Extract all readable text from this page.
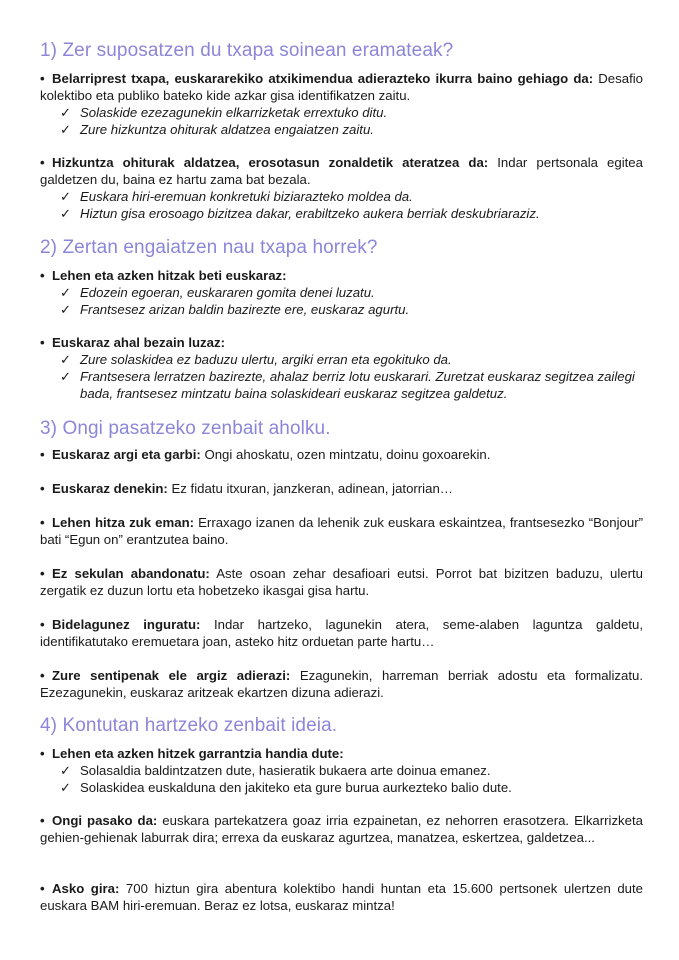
1) Zer suposatzen du txapa soinean eramateak?
• Belarriprest txapa, euskararekiko atxikimendua adierazteko ikurra baino gehiago da: Desafio kolektibo eta publiko bateko kide azkar gisa identifikatzen zaitu.
✓ Solaskide ezezagunekin elkarrizketak errextuko ditu.
✓ Zure hizkuntza ohiturak aldatzea engaiatzen zaitu.
• Hizkuntza ohiturak aldatzea, erosotasun zonaldetik ateratzea da: Indar pertsonala egitea galdetzen du, baina ez hartu zama bat bezala.
✓ Euskara hiri-eremuan konkretuki biziarazteko moldea da.
✓ Hiztun gisa erosoago bizitzea dakar, erabiltzeko aukera berriak deskubriaraziz.
2) Zertan engaiatzen nau txapa horrek?
• Lehen eta azken hitzak beti euskaraz:
✓ Edozein egoeran, euskararen gomita denei luzatu.
✓ Frantsesez arizan baldin bazirezte ere, euskaraz agurtu.
• Euskaraz ahal bezain luzaz:
✓ Zure solaskidea ez baduzu ulertu, argiki erran eta egokituko da.
✓ Frantsesera lerratzen bazirezte, ahalaz berriz lotu euskarari. Zuretzat euskaraz segitzea zailegi bada, frantsesez mintzatu baina solaskideari euskaraz segitzea galdetuz.
3) Ongi pasatzeko zenbait aholku.
• Euskaraz argi eta garbi: Ongi ahoskatu, ozen mintzatu, doinu goxoarekin.
• Euskaraz denekin: Ez fidatu itxuran, janzkeran, adinean, jatorrian…
• Lehen hitza zuk eman: Erraxago izanen da lehenik zuk euskara eskaintzea, frantsesezko “Bonjour” bati “Egun on” erantzutea baino.
• Ez sekulan abandonatu: Aste osoan zehar desafioari eutsi. Porrot bat bizitzen baduzu, ulertu zergatik ez duzun lortu eta hobetzeko ikasgai gisa hartu.
• Bidelagunez inguratu: Indar hartzeko, lagunekin atera, seme-alaben laguntza galdetu, identifikatutako eremuetara joan, asteko hitz orduetan parte hartu…
• Zure sentipenak ele argiz adierazi: Ezagunekin, harreman berriak adostu eta formalizatu. Ezezagunekin, euskaraz aritzeak ekartzen dizuna adierazi.
4) Kontutan hartzeko zenbait ideia.
• Lehen eta azken hitzek garrantzia handia dute:
✓ Solasaldia baldintzatzen dute, hasieratik bukaera arte doinua emanez.
✓ Solaskidea euskalduna den jakiteko eta gure burua aurkezteko balio dute.
• Ongi pasako da: euskara partekatzera goaz irria ezpainetan, ez nehorren erasotzera. Elkarrizketa gehien-gehienak laburrak dira; errexa da euskaraz agurtzea, manatzea, eskertzea, galdetzea...
• Asko gira: 700 hiztun gira abentura kolektibo handi huntan eta 15.600 pertsonek ulertzen dute euskara BAM hiri-eremuan. Beraz ez lotsa, euskaraz mintza!
